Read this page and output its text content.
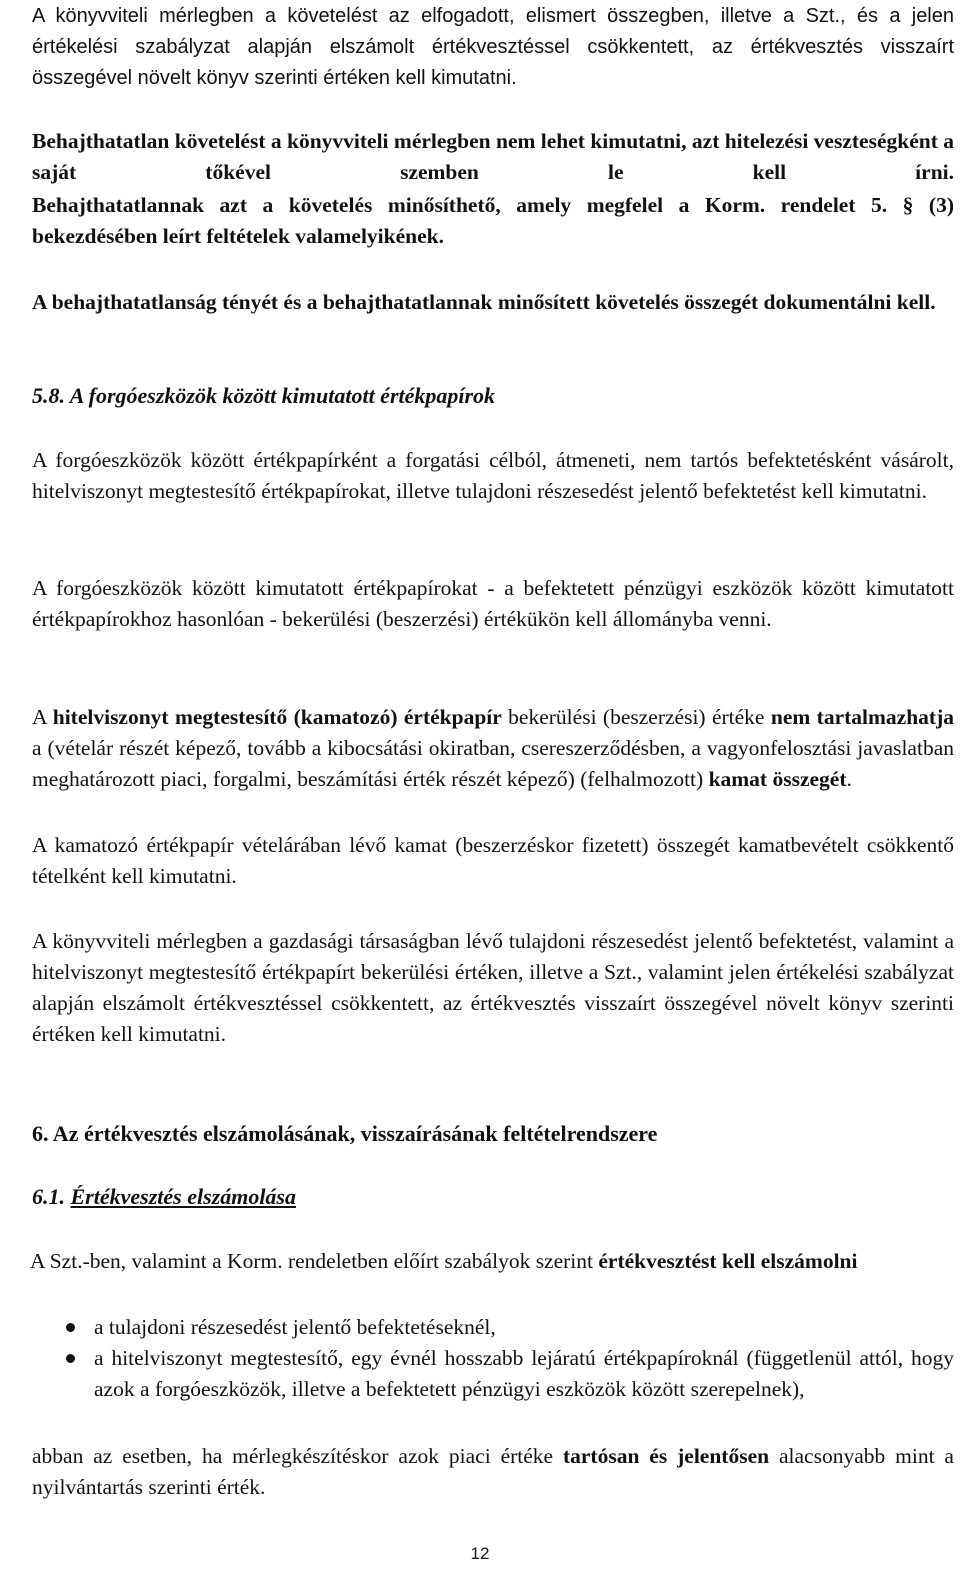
A könyvviteli mérlegben a követelést az elfogadott, elismert összegben, illetve a Szt., és a jelen értékelési szabályzat alapján elszámolt értékvesztéssel csökkentett, az értékvesztés visszaírt összegével növelt könyv szerinti értéken kell kimutatni.

Behajthatatlan követelést a könyvviteli mérlegben nem lehet kimutatni, azt hitelezési veszteségként a saját tőkével szemben le kell írni.

Behajthatatlannak azt a követelés minősíthető, amely megfelel a Korm. rendelet 5. § (3) bekezdésében leírt feltételek valamelyikének.

A behajthatatlanság tényét és a behajthatatlannak minősített követelés összegét dokumentálni kell.

5.8. A forgóeszközök között kimutatott értékpapírok

A forgóeszközök között értékpapírként a forgatási célból, átmeneti, nem tartós befektetésként vásárolt, hitelviszonyt megtestesítő értékpapírokat, illetve tulajdoni részesedést jelentő befektetést kell kimutatni.

A forgóeszközök között kimutatott értékpapírokat - a befektetett pénzügyi eszközök között kimutatott értékpapírokhoz hasonlóan - bekerülési (beszerzési) értékükön kell állományba venni.

A hitelviszonyt megtestesítő (kamatozó) értékpapír bekerülési (beszerzési) értéke nem tartalmazhatja a (vételár részét képező, tovább a kibocsátási okiratban, csereszerződésben, a vagyonfelosztási javaslatban meghatározott piaci, forgalmi, beszámítási érték részét képező) (felhalmozott) kamat összegét.

A kamatozó értékpapír vételárában lévő kamat (beszerzéskor fizetett) összegét kamatbevételt csökkentő tételként kell kimutatni.

A könyvviteli mérlegben a gazdasági társaságban lévő tulajdoni részesedést jelentő befektetést, valamint a hitelviszonyt megtestesítő értékpapírt bekerülési értéken, illetve a Szt., valamint jelen értékelési szabályzat alapján elszámolt értékvesztéssel csökkentett, az értékvesztés visszaírt összegével növelt könyv szerinti értéken kell kimutatni.

6. Az értékvesztés elszámolásának, visszaírásának feltételrendszere
6.1. Értékvesztés elszámolása

A Szt.-ben, valamint a Korm. rendeletben előírt szabályok szerint értékvesztést kell elszámolni

a tulajdoni részesedést jelentő befektetéseknél,
a hitelviszonyt megtestesítő, egy évnél hosszabb lejáratú értékpapíroknál (függetlenül attól, hogy azok a forgóeszközök, illetve a befektetett pénzügyi eszközök között szerepelnek),

abban az esetben, ha mérlegkészítéskor azok piaci értéke tartósan és jelentősen alacsonyabb mint a nyilvántartás szerinti érték.

12
